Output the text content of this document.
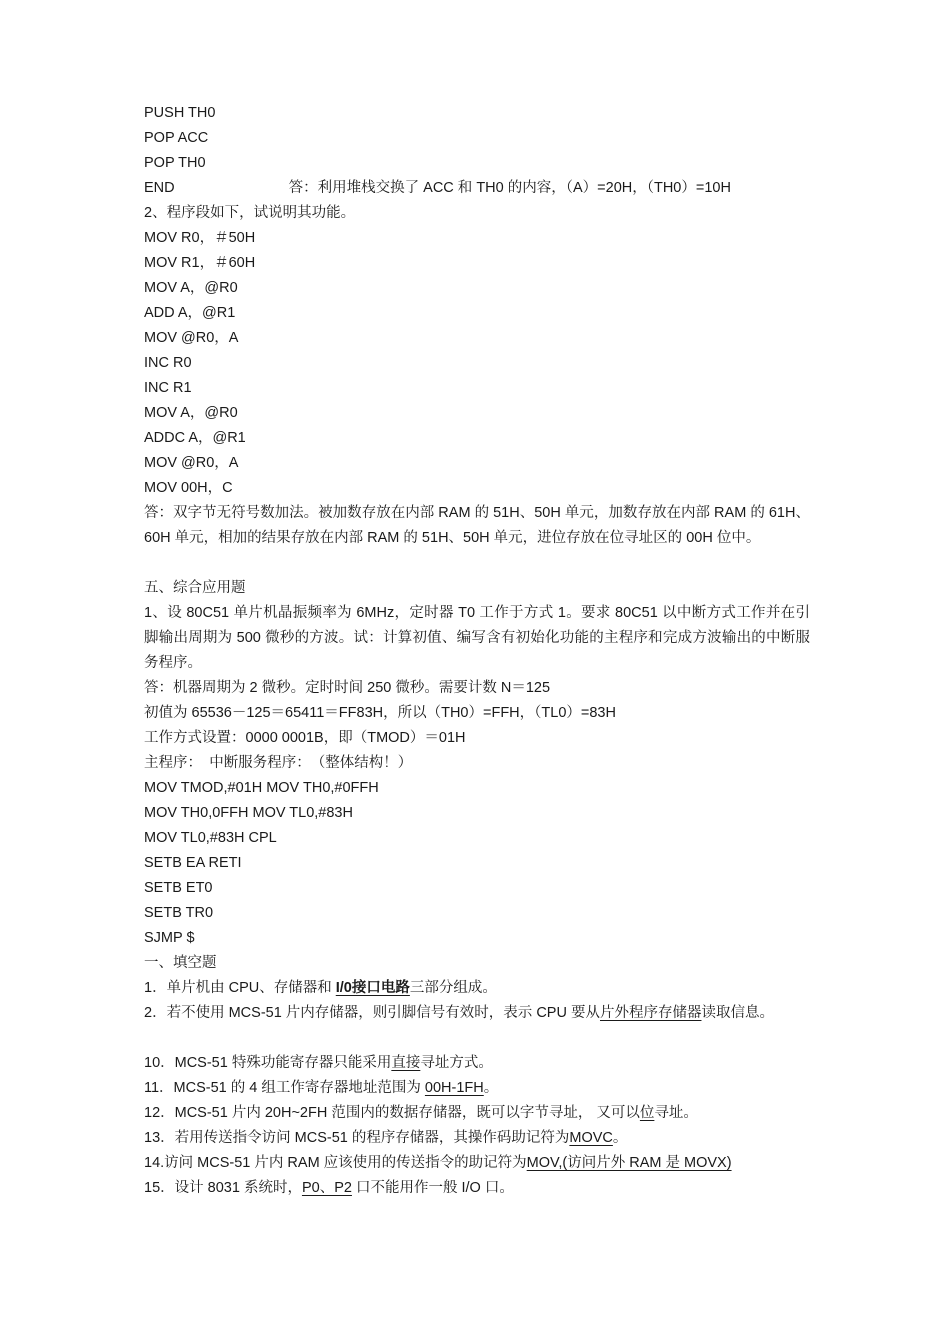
PUSH TH0
POP ACC
POP TH0
END	答：利用堆栈交换了 ACC 和 TH0 的内容，（A）=20H，（TH0）=10H
2、程序段如下，试说明其功能。
MOV R0，＃50H
MOV R1，＃60H
MOV A，@R0
ADD A，@R1
MOV @R0，A
INC R0
INC R1
MOV A，@R0
ADDC A，@R1
MOV @R0，A
MOV 00H，C
答：双字节无符号数加法。被加数存放在内部 RAM 的 51H、50H 单元，加数存放在内部 RAM 的 61H、60H 单元，相加的结果存放在内部 RAM 的 51H、50H 单元，进位存放在位寻址区的 00H 位中。
五、综合应用题
1、设 80C51 单片机晶振频率为 6MHz，定时器 T0 工作于方式 1。要求 80C51 以中断方式工作并在引脚输出周期为 500 微秒的方波。试：计算初值、编写含有初始化功能的主程序和完成方波输出的中断服务程序。
答：机器周期为 2 微秒。定时时间 250 微秒。需要计数 N＝125
初值为 65536－125＝65411＝FF83H，所以（TH0）=FFH，（TL0）=83H
工作方式设置：0000 0001B，即（TMOD）＝01H
主程序：　中断服务程序：　（整体结构！）
MOV TMOD,#01H MOV TH0,#0FFH
MOV TH0,0FFH MOV TL0,#83H
MOV TL0,#83H CPL
SETB EA RETI
SETB ET0
SETB TR0
SJMP $
一、填空题
1．单片机由 CPU、存储器和 I/0接口电路三部分组成。
2．若不使用 MCS-51 片内存储器，则引脚信号有效时，表示 CPU 要从片外程序存储器读取信息。
10．MCS-51 特殊功能寄存器只能采用直接寻址方式。
11．MCS-51 的 4 组工作寄存器地址范围为 00H-1FH。
12．MCS-51 片内 20H~2FH 范围内的数据存储器，既可以字节寻址， 又可以位寻址。
13．若用传送指令访问 MCS-51 的程序存储器，其操作码助记符为MOVC。
14.访问 MCS-51 片内 RAM 应该使用的传送指令的助记符为MOV,(访问片外 RAM 是 MOVX)
15．设计 8031 系统时，P0、P2 口不能用作一般 I/O 口。
